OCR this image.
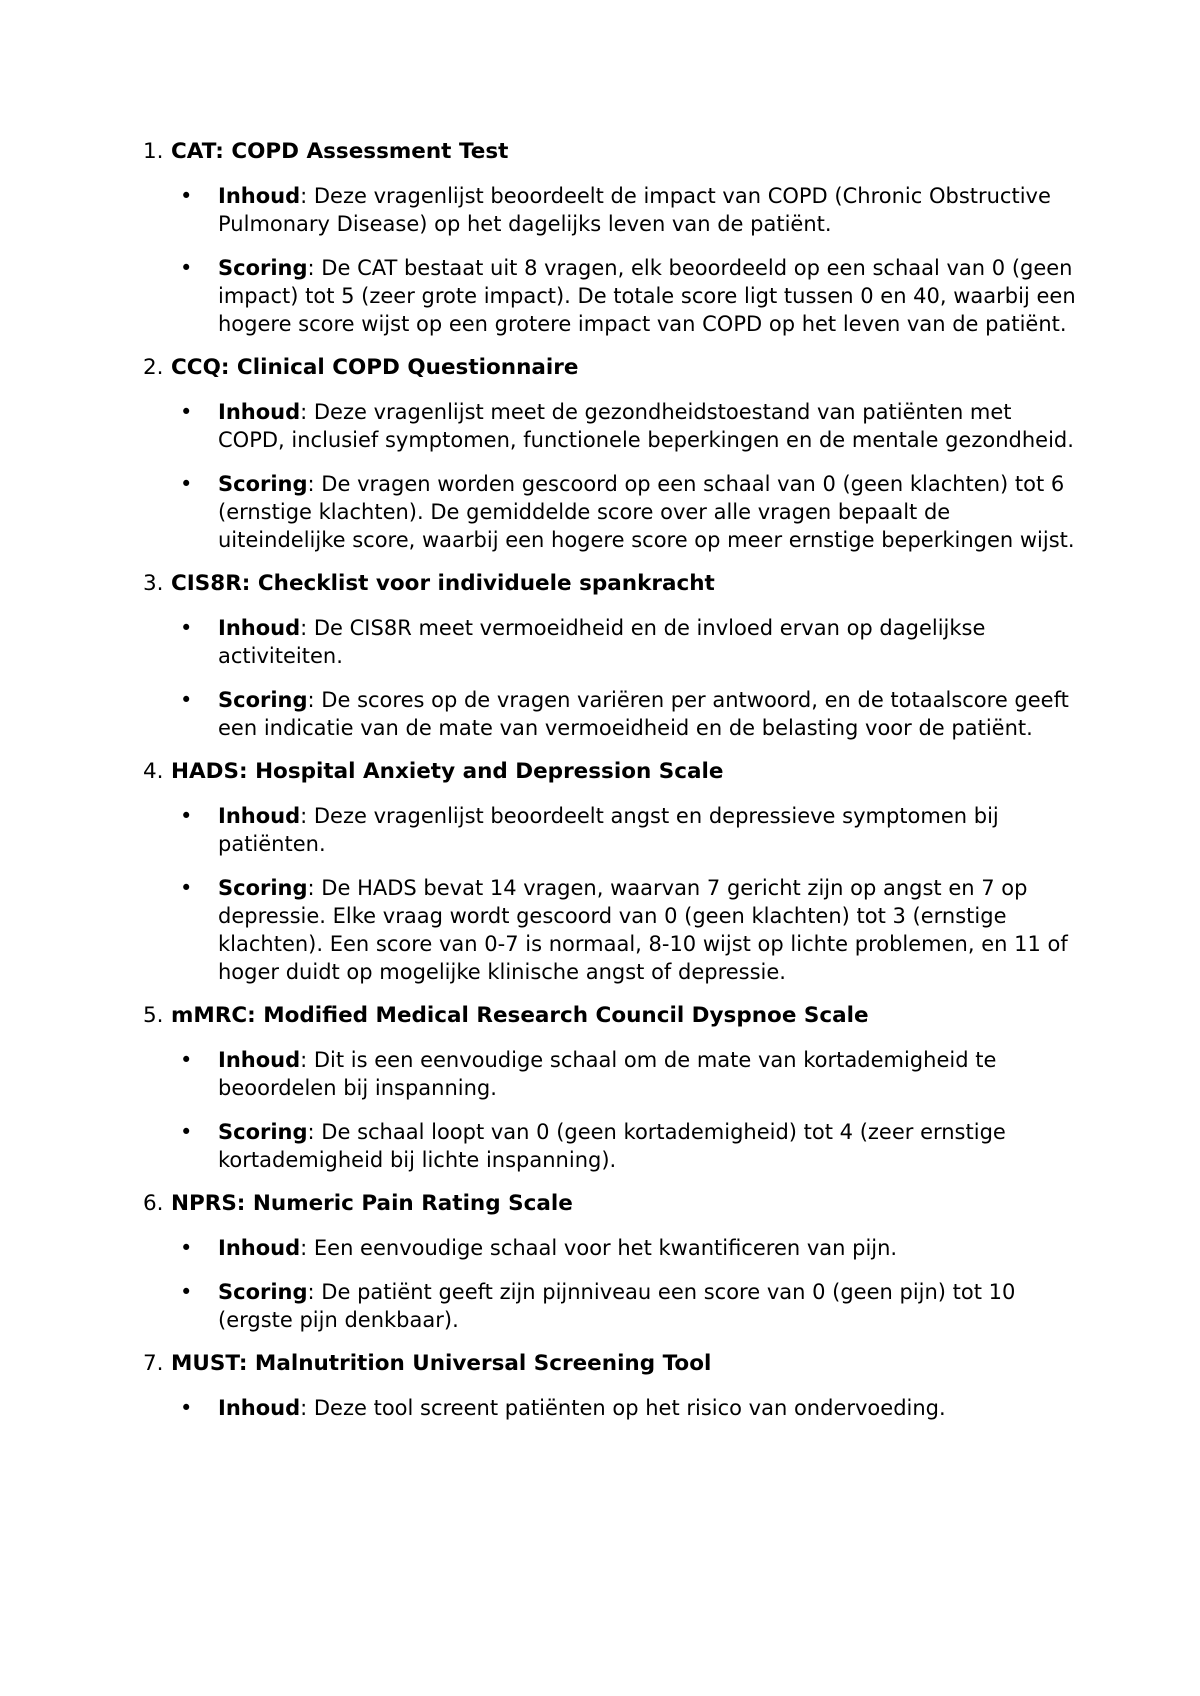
1. CAT: COPD Assessment Test
• Inhoud: Deze vragenlijst beoordeelt de impact van COPD (Chronic Obstructive Pulmonary Disease) op het dagelijks leven van de patiënt.
• Scoring: De CAT bestaat uit 8 vragen, elk beoordeeld op een schaal van 0 (geen impact) tot 5 (zeer grote impact). De totale score ligt tussen 0 en 40, waarbij een hogere score wijst op een grotere impact van COPD op het leven van de patiënt.
2. CCQ: Clinical COPD Questionnaire
• Inhoud: Deze vragenlijst meet de gezondheidstoestand van patiënten met COPD, inclusief symptomen, functionele beperkingen en de mentale gezondheid.
• Scoring: De vragen worden gescoord op een schaal van 0 (geen klachten) tot 6 (ernstige klachten). De gemiddelde score over alle vragen bepaalt de uiteindelijke score, waarbij een hogere score op meer ernstige beperkingen wijst.
3. CIS8R: Checklist voor individuele spankracht
• Inhoud: De CIS8R meet vermoeidheid en de invloed ervan op dagelijkse activiteiten.
• Scoring: De scores op de vragen variëren per antwoord, en de totaalscore geeft een indicatie van de mate van vermoeidheid en de belasting voor de patiënt.
4. HADS: Hospital Anxiety and Depression Scale
• Inhoud: Deze vragenlijst beoordeelt angst en depressieve symptomen bij patiënten.
• Scoring: De HADS bevat 14 vragen, waarvan 7 gericht zijn op angst en 7 op depressie. Elke vraag wordt gescoord van 0 (geen klachten) tot 3 (ernstige klachten). Een score van 0-7 is normaal, 8-10 wijst op lichte problemen, en 11 of hoger duidt op mogelijke klinische angst of depressie.
5. mMRC: Modified Medical Research Council Dyspnoe Scale
• Inhoud: Dit is een eenvoudige schaal om de mate van kortademigheid te beoordelen bij inspanning.
• Scoring: De schaal loopt van 0 (geen kortademigheid) tot 4 (zeer ernstige kortademigheid bij lichte inspanning).
6. NPRS: Numeric Pain Rating Scale
• Inhoud: Een eenvoudige schaal voor het kwantificeren van pijn.
• Scoring: De patiënt geeft zijn pijnniveau een score van 0 (geen pijn) tot 10 (ergste pijn denkbaar).
7. MUST: Malnutrition Universal Screening Tool
• Inhoud: Deze tool screent patiënten op het risico van ondervoeding.
